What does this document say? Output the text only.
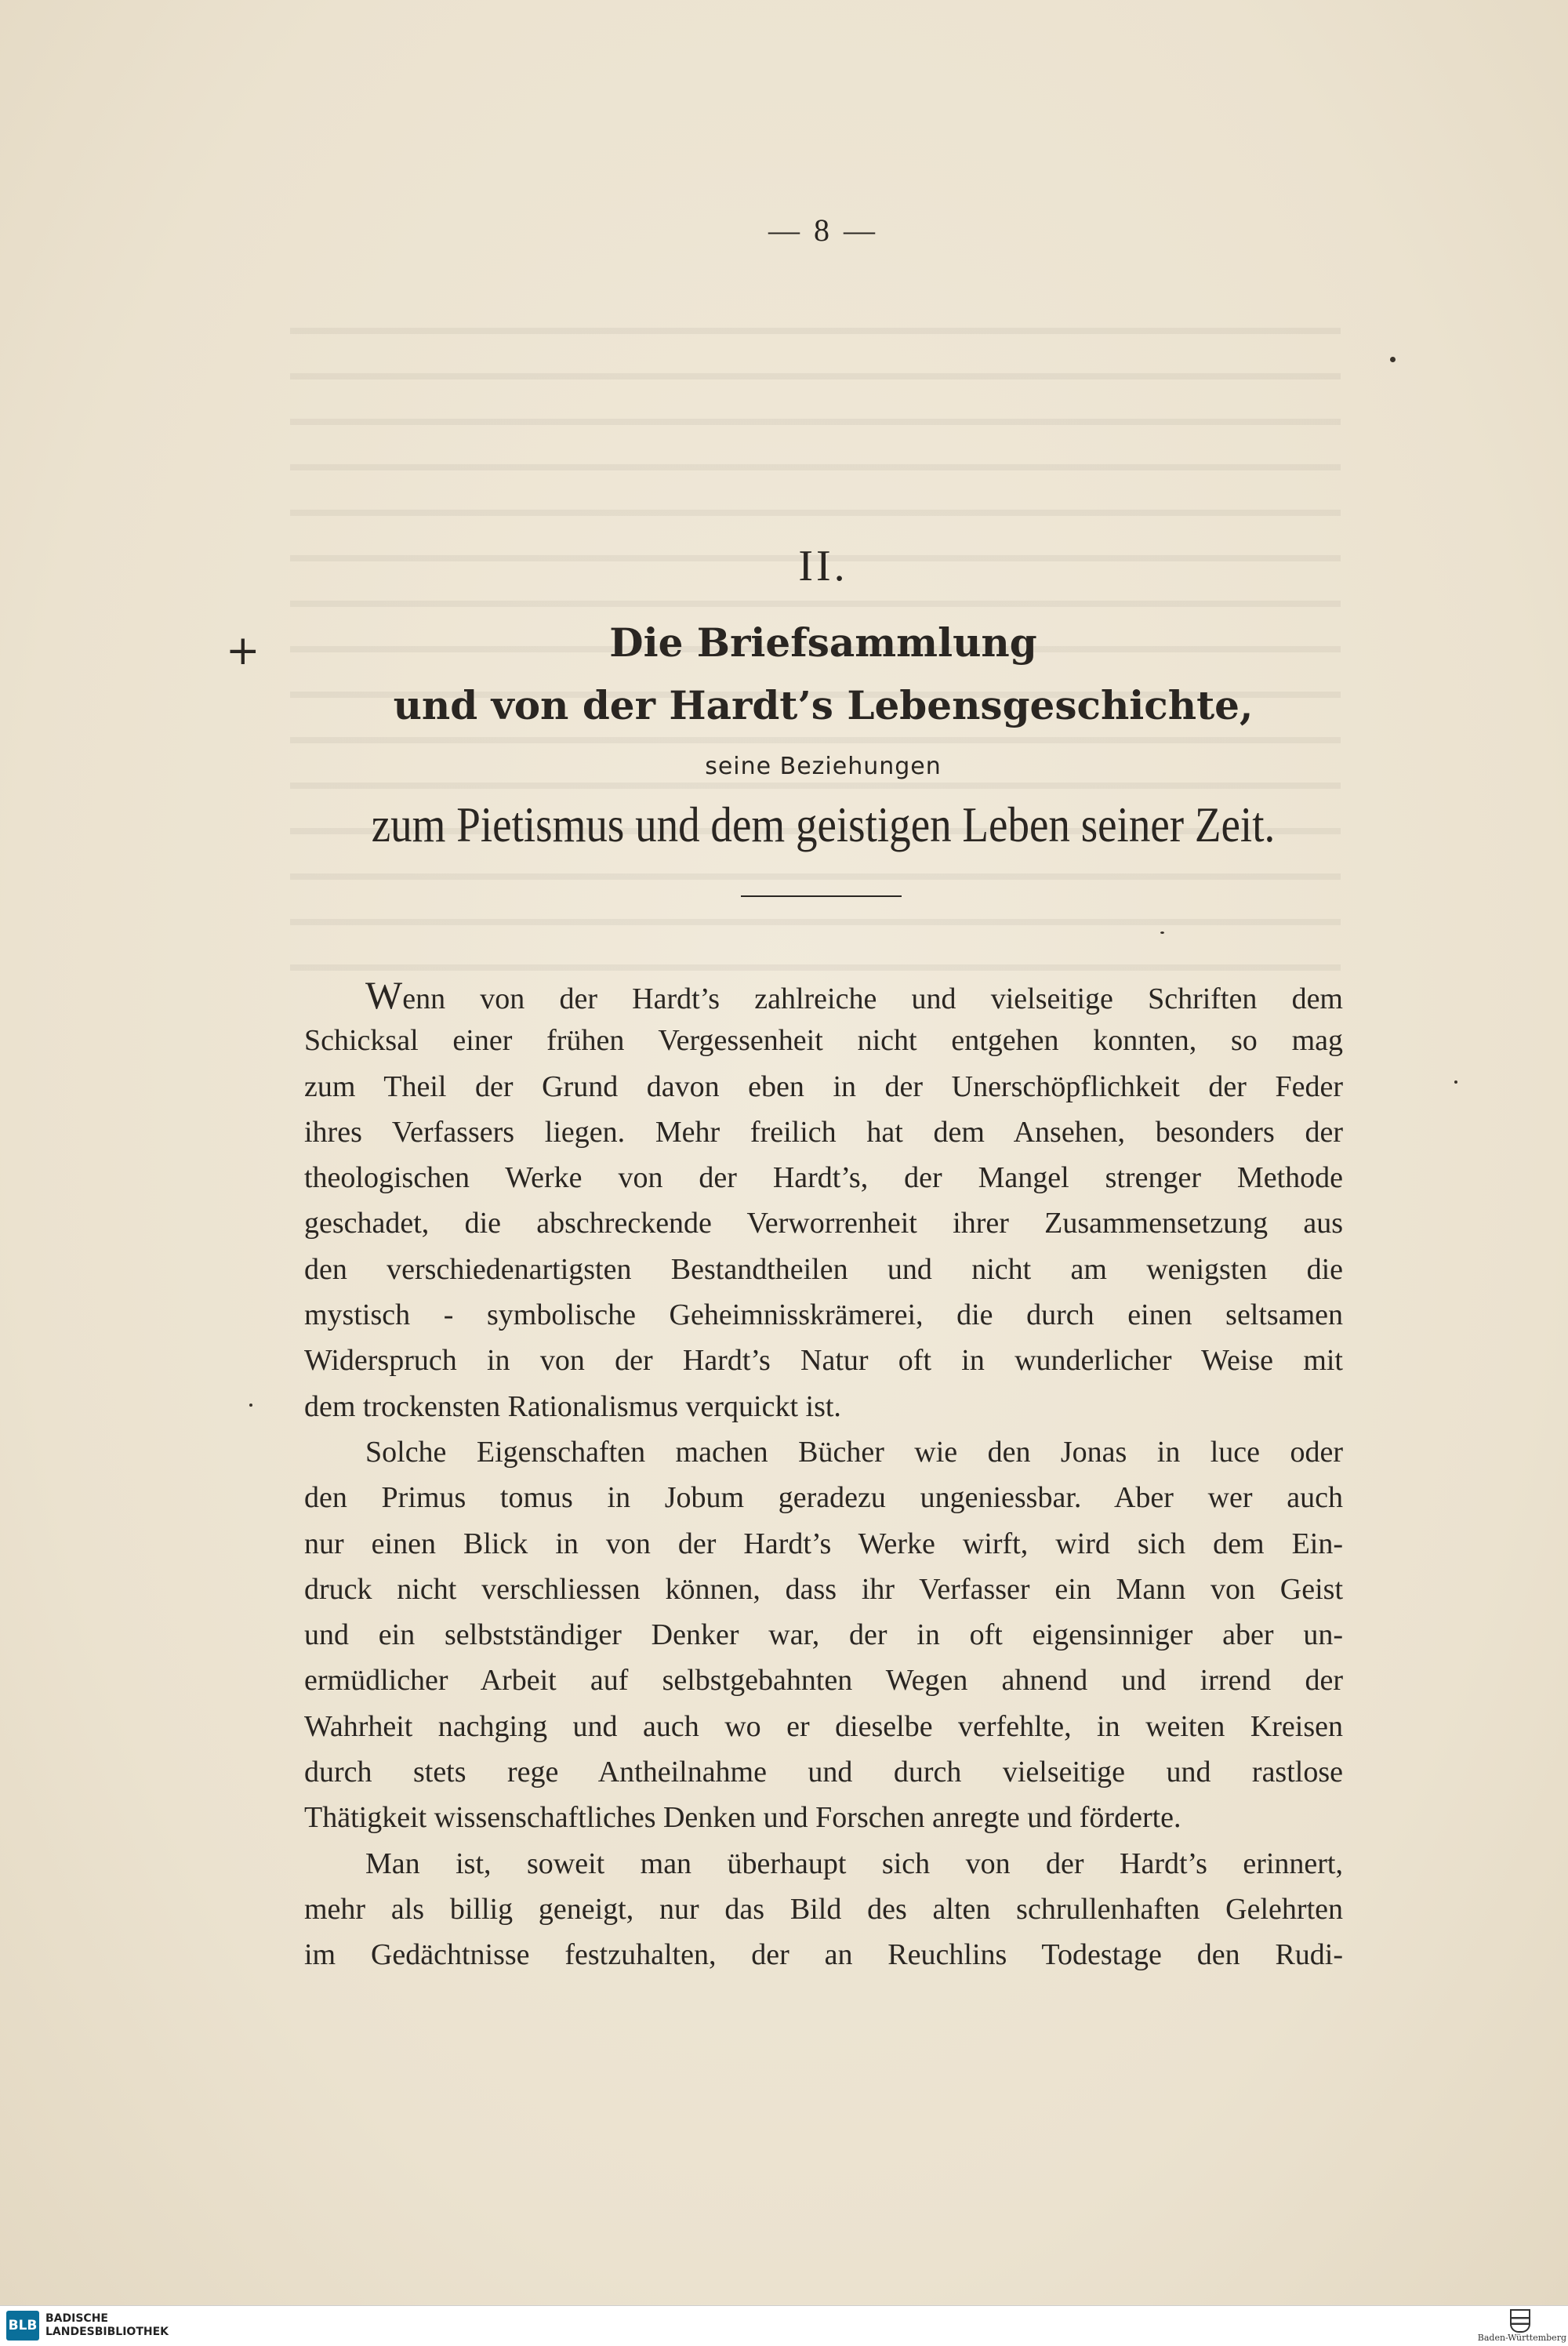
— 8 —
II.
+	Die Briefsammlung
und von der Hardt’s Lebensgeschichte,
seine Beziehungen
zum Pietismus und dem geistigen Leben seiner Zeit.
Wenn von der Hardt’s zahlreiche und vielseitige Schriften dem
Schicksal einer frühen Vergessenheit nicht entgehen konnten, so mag
zum Theil der Grund davon eben in der Unerschöpflichkeit der Feder
ihres Verfassers liegen. Mehr freilich hat dem Ansehen, besonders der
theologischen Werke von der Hardt’s, der Mangel strenger Methode
geschadet, die abschreckende Verworrenheit ihrer Zusammensetzung aus
den verschiedenartigsten Bestandtheilen und nicht am wenigsten die
mystisch - symbolische Geheimnisskrämerei, die durch einen seltsamen
Widerspruch in von der Hardt’s Natur oft in wunderlicher Weise mit
dem trockensten Rationalismus verquickt ist.
Solche Eigenschaften machen Bücher wie den Jonas in luce oder
den Primus tomus in Jobum geradezu ungeniessbar. Aber wer auch
nur einen Blick in von der Hardt’s Werke wirft, wird sich dem Ein-
druck nicht verschliessen können, dass ihr Verfasser ein Mann von Geist
und ein selbstständiger Denker war, der in oft eigensinniger aber un-
ermüdlicher Arbeit auf selbstgebahnten Wegen ahnend und irrend der
Wahrheit nachging und auch wo er dieselbe verfehlte, in weiten Kreisen
durch stets rege Antheilnahme und durch vielseitige und rastlose
Thätigkeit wissenschaftliches Denken und Forschen anregte und förderte.
Man ist, soweit man überhaupt sich von der Hardt’s erinnert,
mehr als billig geneigt, nur das Bild des alten schrullenhaften Gelehrten
im Gedächtnisse festzuhalten, der an Reuchlins Todestage den Rudi-
BLB BADISCHE
LANDESBIBLIOTHEK	Baden-Württemberg
